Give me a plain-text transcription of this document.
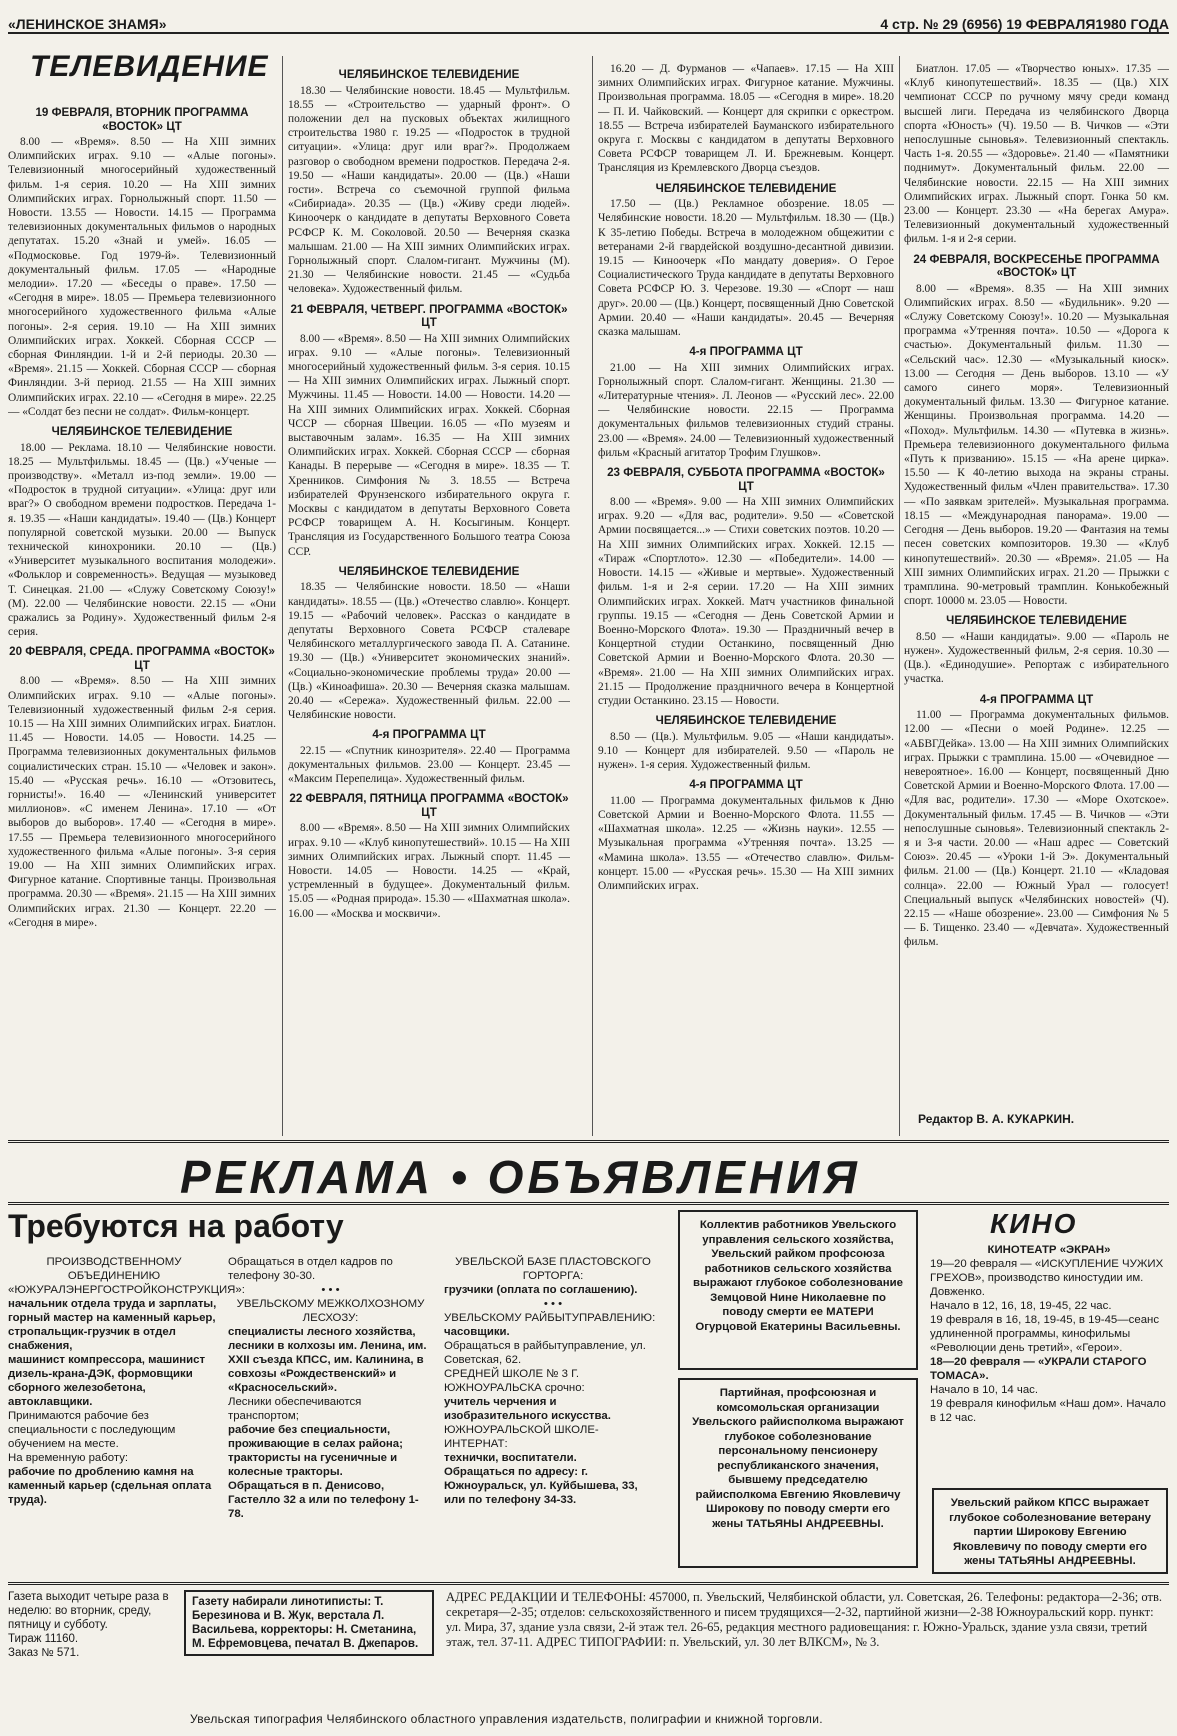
«ЛЕНИНСКОЕ ЗНАМЯ»	4 стр. № 29 (6956) 19 ФЕВРАЛЯ1980 ГОДА
ТЕЛЕВИДЕНИЕ
19 ФЕВРАЛЯ, ВТОРНИК ПРОГРАММА «ВОСТОК» ЦТ

8.00 — «Время». 8.50 — На XIII зимних Олимпийских играх. 9.10 — «Алые погоны». Телевизионный многосерийный художественный фильм. 1-я серия. 10.20 — На XIII зимних Олимпийских играх. Горнолыжный спорт. 11.50 — Новости. 13.55 — Новости. 14.15 — Программа телевизионных документальных фильмов о народных депутатах. 15.20 «Знай и умей». 16.05 — «Подмосковье. Год 1979-й». Телевизионный документальный фильм. 17.05 — «Народные мелодии». 17.20 — «Беседы о праве». 17.50 — «Сегодня в мире». 18.05 — Премьера телевизионного многосерийного художественного фильма «Алые погоны». 2-я серия. 19.10 — На XIII зимних Олимпийских играх. Хоккей. Сборная СССР — сборная Финляндии. 1-й и 2-й периоды. 20.30 — «Время». 21.15 — Хоккей. Сборная СССР — сборная Финляндии. 3-й период. 21.55 — На XIII зимних Олимпийских играх. 22.10 — «Сегодня в мире». 22.25 — «Солдат без песни не солдат». Фильм-концерт.

ЧЕЛЯБИНСКОЕ ТЕЛЕВИДЕНИЕ

18.00 — Реклама. 18.10 — Челябинские новости. 18.25 — Мультфильмы. 18.45 — (Цв.) «Ученые — производству». «Металл из-под земли». 19.00 — «Подросток в трудной ситуации». «Улица: друг или враг?» О свободном времени подростков. Передача 1-я. 19.35 — «Наши кандидаты». 19.40 — (Цв.) Концерт популярной советской музыки. 20.00 — Выпуск технической кинохроники. 20.10 — (Цв.) «Университет музыкального воспитания молодежи». «Фольклор и современность». Ведущая — музыковед Т. Синецкая. 21.00 — «Служу Советскому Союзу!» (М). 22.00 — Челябинские новости. 22.15 — «Они сражались за Родину». Художественный фильм 2-я серия.

20 ФЕВРАЛЯ, СРЕДА. ПРОГРАММА «ВОСТОК» ЦТ

8.00 — «Время». 8.50 — На XIII зимних Олимпийских играх. 9.10 — «Алые погоны». Телевизионный художественный фильм 2-я серия. 10.15 — На XIII зимних Олимпийских играх. Биатлон. 11.45 — Новости. 14.05 — Новости. 14.25 — Программа телевизионных документальных фильмов социалистических стран. 15.10 — «Человек и закон». 15.40 — «Русская речь». 16.10 — «Отзовитесь, горнисты!». 16.40 — «Ленинский университет миллионов». «С именем Ленина». 17.10 — «От выборов до выборов». 17.40 — «Сегодня в мире». 17.55 — Премьера телевизионного многосерийного художественного фильма «Алые погоны». 3-я серия 19.00 — На XIII зимних Олимпийских играх. Фигурное катание. Спортивные танцы. Произвольная программа. 20.30 — «Время». 21.15 — На XIII зимних Олимпийских играх. 21.30 — Концерт. 22.20 — «Сегодня в мире».

ЧЕЛЯБИНСКОЕ ТЕЛЕВИДЕНИЕ

18.30 — Челябинские новости. 18.45 — Мультфильм. 18.55 — «Строительство — ударный фронт». О положении дел на пусковых объектах жилищного строительства 1980 г. 19.25 — «Подросток в трудной ситуации». «Улица: друг или враг?». Продолжаем разговор о свободном времени подростков. Передача 2-я. 19.50 — «Наши кандидаты». 20.00 — (Цв.) «Наши гости». Встреча со съемочной группой фильма «Сибириада». 20.35 — (Цв.) «Живу среди людей». Киноочерк о кандидате в депутаты Верховного Совета РСФСР К. М. Соколовой. 20.50 — Вечерняя сказка малышам. 21.00 — На XIII зимних Олимпийских играх. Горнолыжный спорт. Слалом-гигант. Мужчины (М). 21.30 — Челябинские новости. 21.45 — «Судьба человека». Художественный фильм.

21 ФЕВРАЛЯ, ЧЕТВЕРГ. ПРОГРАММА «ВОСТОК» ЦТ

8.00 — «Время». 8.50 — На XIII зимних Олимпийских играх. 9.10 — «Алые погоны». Телевизионный многосерийный художественный фильм. 3-я серия. 10.15 — На XIII зимних Олимпийских играх. Лыжный спорт. Мужчины. 11.45 — Новости. 14.00 — Новости. 14.20 — На XIII зимних Олимпийских играх. Хоккей. Сборная ЧССР — сборная Швеции. 16.05 — «По музеям и выставочным залам». 16.35 — На XIII зимних Олимпийских играх. Хоккей. Сборная СССР — сборная Канады. В перерыве — «Сегодня в мире». 18.35 — Т. Хренников. Симфония № 3. 18.55 — Встреча избирателей Фрунзенского избирательного округа г. Москвы с кандидатом в депутаты Верховного Совета РСФСР товарищем А. Н. Косыгиным. Концерт. Трансляция из Государственного Большого театра Союза ССР.

ЧЕЛЯБИНСКОЕ ТЕЛЕВИДЕНИЕ

18.35 — Челябинские новости. 18.50 — «Наши кандидаты». 18.55 — (Цв.) «Отечество славлю». Концерт. 19.15 — «Рабочий человек». Рассказ о кандидате в депутаты Верховного Совета РСФСР сталеваре Челябинского металлургического завода П. А. Сатанине. 19.30 — (Цв.) «Университет экономических знаний». «Социально-экономические проблемы труда» 20.00 — (Цв.) «Киноафиша». 20.30 — Вечерняя сказка малышам. 20.40 — «Сережа». Художественный фильм. 22.00 — Челябинские новости.

4-я ПРОГРАММА ЦТ

22.15 — «Спутник кинозрителя». 22.40 — Программа документальных фильмов. 23.00 — Концерт. 23.45 — «Максим Перепелица». Художественный фильм.

22 ФЕВРАЛЯ, ПЯТНИЦА ПРОГРАММА «ВОСТОК» ЦТ

8.00 — «Время». 8.50 — На XIII зимних Олимпийских играх. 9.10 — «Клуб кинопутешествий». 10.15 — На XIII зимних Олимпийских играх. Лыжный спорт. 11.45 — Новости. 14.05 — Новости. 14.25 — «Край, устремленный в будущее». Документальный фильм. 15.05 — «Родная природа». 15.30 — «Шахматная школа». 16.00 — «Москва и москвичи».

16.20 — Д. Фурманов — «Чапаев». 17.15 — На XIII зимних Олимпийских играх. Фигурное катание. Мужчины. Произвольная программа. 18.05 — «Сегодня в мире». 18.20 — П. И. Чайковский. — Концерт для скрипки с оркестром. 18.55 — Встреча избирателей Бауманского избирательного округа г. Москвы с кандидатом в депутаты Верховного Совета РСФСР товарищем Л. И. Брежневым. Концерт. Трансляция из Кремлевского Дворца съездов.

ЧЕЛЯБИНСКОЕ ТЕЛЕВИДЕНИЕ

17.50 — (Цв.) Рекламное обозрение. 18.05 — Челябинские новости. 18.20 — Мультфильм. 18.30 — (Цв.) К 35-летию Победы. Встреча в молодежном общежитии с ветеранами 2-й гвардейской воздушно-десантной дивизии. 19.15 — Киноочерк «По мандату доверия». О Герое Социалистического Труда кандидате в депутаты Верховного Совета РСФСР Ю. З. Черезове. 19.30 — «Спорт — наш друг». 20.00 — (Цв.) Концерт, посвященный Дню Советской Армии. 20.40 — «Наши кандидаты». 20.45 — Вечерняя сказка малышам.

4-я ПРОГРАММА ЦТ

21.00 — На XIII зимних Олимпийских играх. Горнолыжный спорт. Слалом-гигант. Женщины. 21.30 — «Литературные чтения». Л. Леонов — «Русский лес». 22.00 — Челябинские новости. 22.15 — Программа документальных фильмов телевизионных студий страны. 23.00 — «Время». 24.00 — Телевизионный художественный фильм «Красный агитатор Трофим Глушков».

23 ФЕВРАЛЯ, СУББОТА ПРОГРАММА «ВОСТОК» ЦТ

8.00 — «Время». 9.00 — На XIII зимних Олимпийских играх. 9.20 — «Для вас, родители». 9.50 — «Советской Армии посвящается...» — Стихи советских поэтов. 10.20 — На XIII зимних Олимпийских играх. Хоккей. 12.15 — «Тираж «Спортлото». 12.30 — «Победители». 14.00 — Новости. 14.15 — «Живые и мертвые». Художественный фильм. 1-я и 2-я серии. 17.20 — На XIII зимних Олимпийских играх. Хоккей. Матч участников финальной группы. 19.15 — «Сегодня — День Советской Армии и Военно-Морского Флота». 19.30 — Праздничный вечер в Концертной студии Останкино, посвященный Дню Советской Армии и Военно-Морского Флота. 20.30 — «Время». 21.00 — На XIII зимних Олимпийских играх. 21.15 — Продолжение праздничного вечера в Концертной студии Останкино. 23.15 — Новости.

ЧЕЛЯБИНСКОЕ ТЕЛЕВИДЕНИЕ

8.50 — (Цв.). Мультфильм. 9.05 — «Наши кандидаты». 9.10 — Концерт для избирателей. 9.50 — «Пароль не нужен». 1-я серия. Художественный фильм.

4-я ПРОГРАММА ЦТ

11.00 — Программа документальных фильмов к Дню Советской Армии и Военно-Морского Флота. 11.55 — «Шахматная школа». 12.25 — «Жизнь науки». 12.55 — Музыкальная программа «Утренняя почта». 13.25 — «Мамина школа». 13.55 — «Отечество славлю». Фильм-концерт. 15.00 — «Русская речь». 15.30 — На XIII зимних Олимпийских играх.

Биатлон. 17.05 — «Творчество юных». 17.35 — «Клуб кинопутешествий». 18.35 — (Цв.) XIX чемпионат СССР по ручному мячу среди команд высшей лиги. Передача из челябинского Дворца спорта «Юность» (Ч). 19.50 — В. Чичков — «Эти непослушные сыновья». Телевизионный спектакль. Часть 1-я. 20.55 — «Здоровье». 21.40 — «Памятники поднимут». Документальный фильм. 22.00 — Челябинские новости. 22.15 — На XIII зимних Олимпийских играх. Лыжный спорт. Гонка 50 км. 23.00 — Концерт. 23.30 — «На берегах Амура». Телевизионный документальный художественный фильм. 1-я и 2-я серии.

24 ФЕВРАЛЯ, ВОСКРЕСЕНЬЕ ПРОГРАММА «ВОСТОК» ЦТ

8.00 — «Время». 8.35 — На XIII зимних Олимпийских играх. 8.50 — «Будильник». 9.20 — «Служу Советскому Союзу!». 10.20 — Музыкальная программа «Утренняя почта». 10.50 — «Дорога к счастью». Документальный фильм. 11.30 — «Сельский час». 12.30 — «Музыкальный киоск». 13.00 — Сегодня — День выборов. 13.10 — «У самого синего моря». Телевизионный документальный фильм. 13.30 — Фигурное катание. Женщины. Произвольная программа. 14.20 — «Поход». Мультфильм. 14.30 — «Путевка в жизнь». Премьера телевизионного документального фильма «Путь к призванию». 15.15 — «На арене цирка». 15.50 — К 40-летию выхода на экраны страны. Художественный фильм «Член правительства». 17.30 — «По заявкам зрителей». Музыкальная программа. 18.15 — «Международная панорама». 19.00 — Сегодня — День выборов. 19.20 — Фантазия на темы песен советских композиторов. 19.30 — «Клуб кинопутешествий». 20.30 — «Время». 21.05 — На XIII зимних Олимпийских играх. 21.20 — Прыжки с трамплина. 90-метровый трамплин. Конькобежный спорт. 10000 м. 23.05 — Новости.

ЧЕЛЯБИНСКОЕ ТЕЛЕВИДЕНИЕ

8.50 — «Наши кандидаты». 9.00 — «Пароль не нужен». Художественный фильм, 2-я серия. 10.30 — (Цв.). «Единодушие». Репортаж с избирательного участка.

4-я ПРОГРАММА ЦТ

11.00 — Программа документальных фильмов. 12.00 — «Песни о моей Родине». 12.25 — «АБВГДейка». 13.00 — На XIII зимних Олимпийских играх. Прыжки с трамплина. 15.00 — «Очевидное — невероятное». 16.00 — Концерт, посвященный Дню Советской Армии и Военно-Морского Флота. 17.00 — «Для вас, родители». 17.30 — «Море Охотское». Документальный фильм. 17.45 — В. Чичков — «Эти непослушные сыновья». Телевизионный спектакль 2-я и 3-я части. 20.00 — «Наш адрес — Советский Союз». 20.45 — «Уроки 1-й Э». Документальный фильм. 21.00 — (Цв.) Концерт. 21.10 — «Кладовая солнца». 22.00 — Южный Урал — голосует! Специальный выпуск «Челябинских новостей» (Ч). 22.15 — «Наше обозрение». 23.00 — Симфония № 5 — Б. Тищенко. 23.40 — «Девчата». Художественный фильм.

Редактор В. А. КУКАРКИН.
РЕКЛАМА • ОБЪЯВЛЕНИЯ
Требуются на работу

ПРОИЗВОДСТВЕННОМУ ОБЪЕДИНЕНИЮ «ЮЖУРАЛЭНЕРГОСТРОЙКОНСТРУКЦИЯ»:

начальник отдела труда и зарплаты,

горный мастер на каменный карьер,

стропальщик-грузчик в отдел снабжения,

машинист компрессора, машинист дизель-крана-ДЭК, формовщики сборного железобетона, автоклавщики.

Принимаются рабочие без специальности с последующим обучением на месте.

На временную работу:

рабочие по дроблению камня на каменный карьер (сдельная оплата труда).

Обращаться в отдел кадров по телефону 30-30.

• • •

УВЕЛЬСКОМУ МЕЖКОЛХОЗНОМУ ЛЕСХОЗУ:

специалисты лесного хозяйства,

лесники в колхозы им. Ленина, им. XXII съезда КПСС, им. Калинина, в совхозы «Рождественский» и «Красносельский».

Лесники обеспечиваются транспортом;

рабочие без специальности, проживающие в селах района;

трактористы на гусеничные и колесные тракторы.

Обращаться в п. Денисово, Гастелло 32 а или по телефону 1-78.

УВЕЛЬСКОЙ БАЗЕ ПЛАСТОВСКОГО ГОРТОРГА:

грузчики (оплата по соглашению).

• • •

УВЕЛЬСКОМУ РАЙБЫТУПРАВЛЕНИЮ:

часовщики.

Обращаться в райбытуправление, ул. Советская, 62.

СРЕДНЕЙ ШКОЛЕ № 3 Г. ЮЖНОУРАЛЬСКА срочно:

учитель черчения и изобразительного искусства.

ЮЖНОУРАЛЬСКОЙ ШКОЛЕ-ИНТЕРНАТ:

технички, воспитатели.

Обращаться по адресу: г. Южноуральск, ул. Куйбышева, 33, или по телефону 34-33.

Коллектив работников Увельского управления сельского хозяйства, Увельский райком профсоюза работников сельского хозяйства выражают глубокое соболезнование Земцовой Нине Николаевне по поводу смерти ее МАТЕРИ Огурцовой Екатерины Васильевны.
Партийная, профсоюзная и комсомольская организации Увельского райисполкома выражают глубокое соболезнование персональному пенсионеру республиканского значения, бывшему председателю райисполкома Евгению Яковлевичу Широкову по поводу смерти его жены ТАТЬЯНЫ АНДРЕЕВНЫ.
КИНО

КИНОТЕАТР «ЭКРАН»

19—20 февраля — «ИСКУПЛЕНИЕ ЧУЖИХ ГРЕХОВ», производство киностудии им. Довженко.

Начало в 12, 16, 18, 19-45, 22 час.

19 февраля в 16, 18, 19-45, в 19-45—сеанс удлиненной программы, кинофильмы «Революции день третий», «Герои».

18—20 февраля — «УКРАЛИ СТАРОГО ТОМАСА».

Начало в 10, 14 час.

19 февраля кинофильм «Наш дом». Начало в 12 час.

Увельский райком КПСС выражает глубокое соболезнование ветерану партии Широкову Евгению Яковлевичу по поводу смерти его жены ТАТЬЯНЫ АНДРЕЕВНЫ.

Газета выходит четыре раза в неделю: во вторник, среду, пятницу и субботу.

Тираж 11160.

Заказ № 571.

Газету набирали линотиписты: Т. Березинова и В. Жук, верстала Л. Васильева, корректоры: Н. Сметанина, М. Ефремовцева, печатал В. Джепаров.

АДРЕС РЕДАКЦИИ И ТЕЛЕФОНЫ: 457000, п. Увельский, Челябинской области, ул. Советская, 26. Телефоны: редактора—2-36; отв. секретаря—2-35; отделов: сельскохозяйственного и писем трудящихся—2-32, партийной жизни—2-38 Южноуральский корр. пункт: ул. Мира, 37, здание узла связи, 2-й этаж тел. 26-65, редакция местного радиовещания: г. Южно-Уральск, здание узла связи, третий этаж, тел. 37-11. АДРЕС ТИПОГРАФИИ: п. Увельский, ул. 30 лет ВЛКСМ», № 3.

Увельская типография Челябинского областного управления издательств, полиграфии и книжной торговли.
